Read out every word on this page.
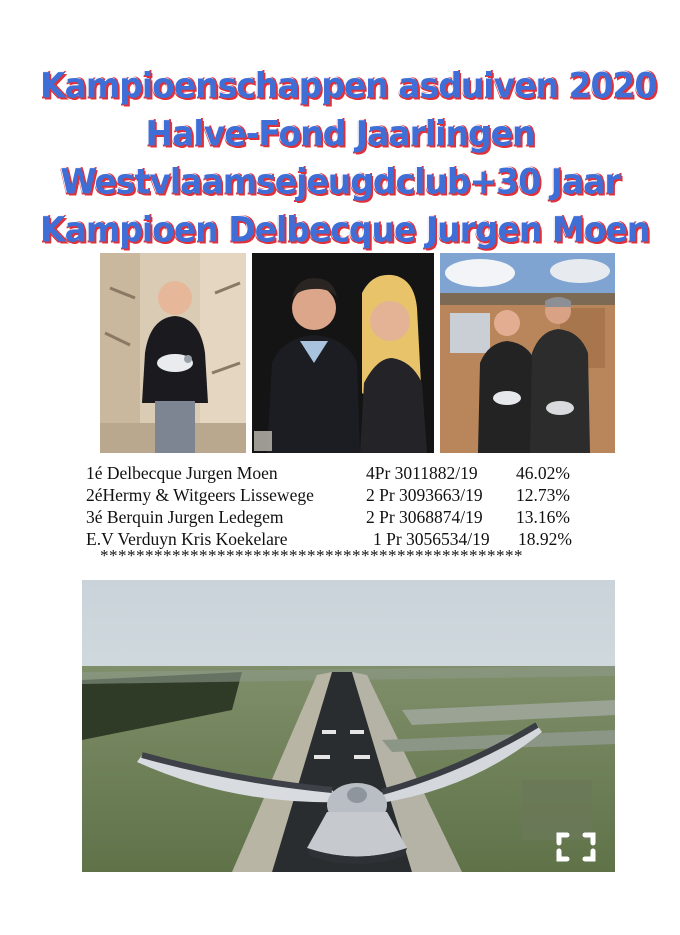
Kampioenschappen asduiven 2020
Halve-Fond Jaarlingen
Westvlaamsejeugdclub+30 Jaar
Kampioen Delbecque Jurgen Moen
1é Delbecque Jurgen Moen	4Pr 3011882/19 46.02%
2éHermy & Witgeers Lissewege	2 Pr 3093663/19 12.73%
3é Berquin Jurgen Ledegem	2 Pr 3068874/19 13.16%
E.V Verduyn Kris Koekelare	1 Pr 3056534/19 18.92%
***********************************************
